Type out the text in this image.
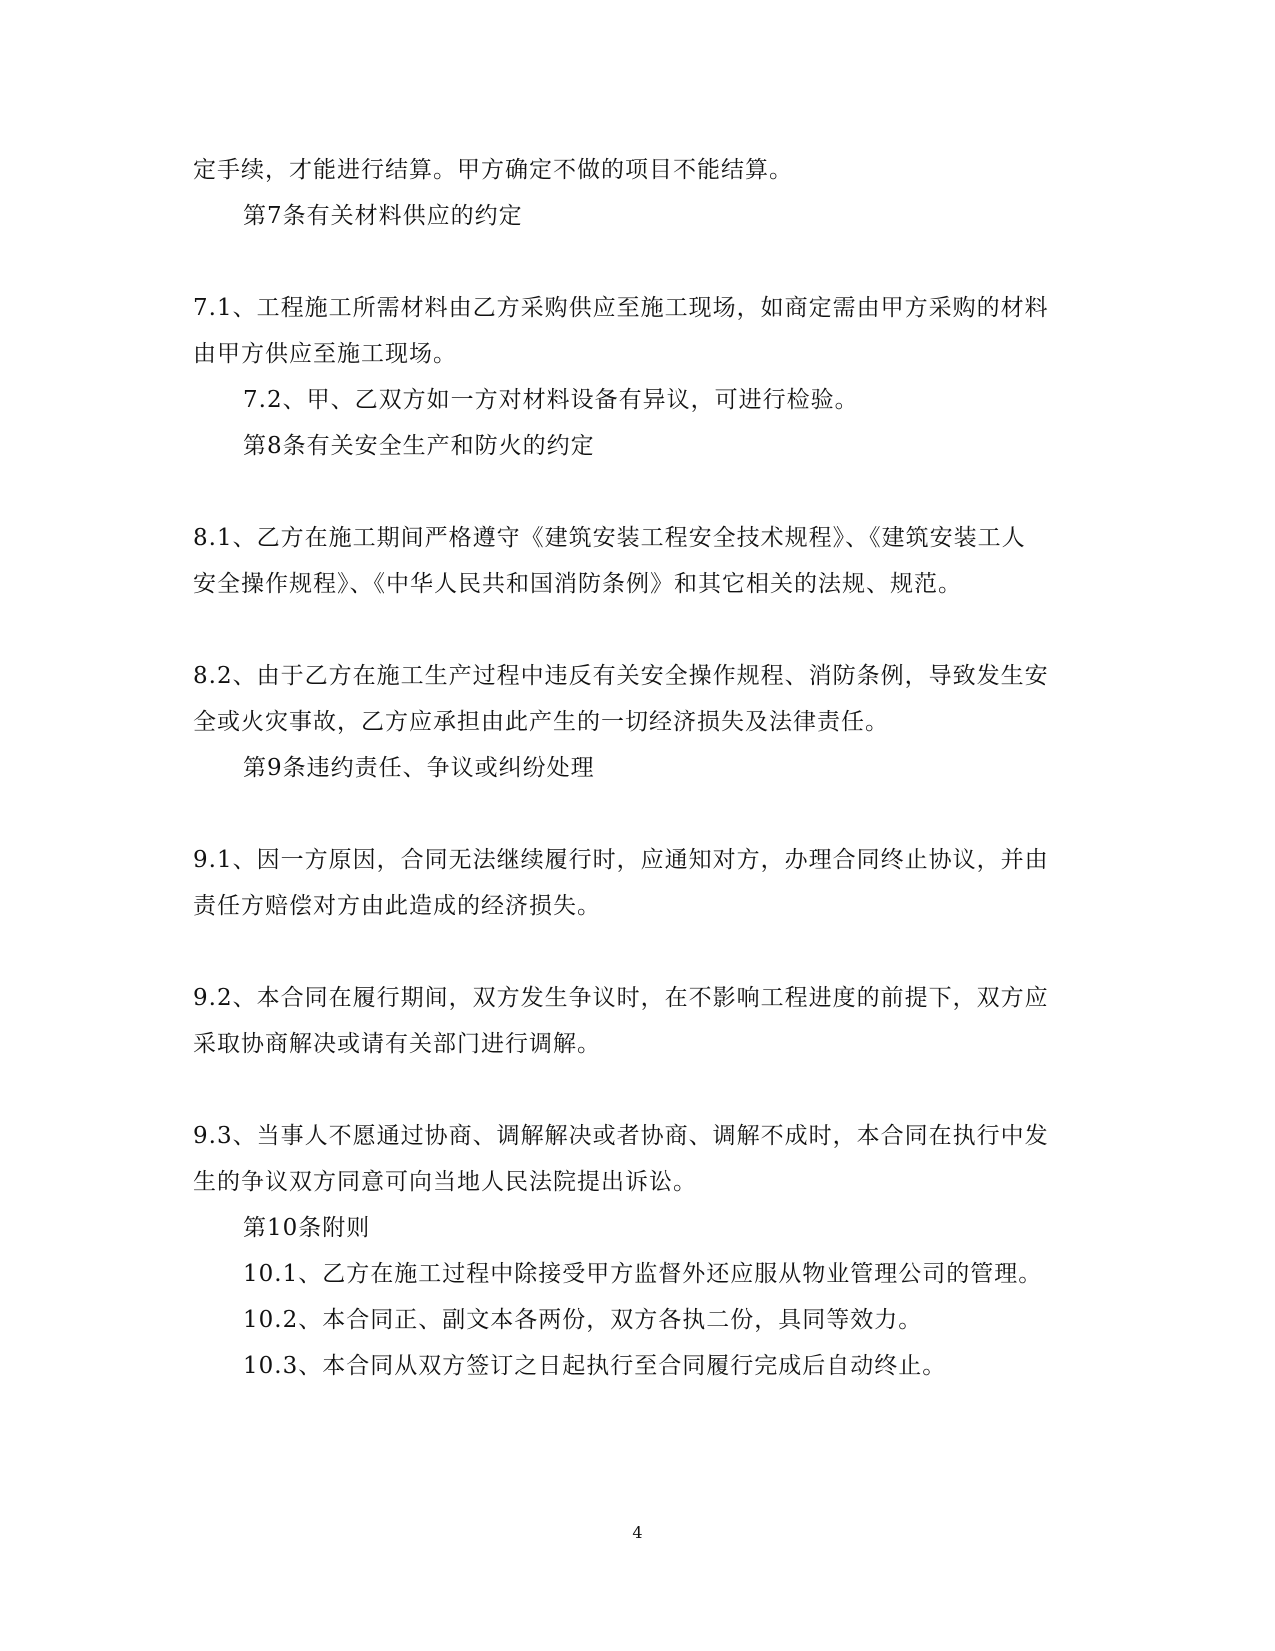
定手续，才能进行结算。甲方确定不做的项目不能结算。
第7条有关材料供应的约定
7.1、工程施工所需材料由乙方采购供应至施工现场，如商定需由甲方采购的材料
由甲方供应至施工现场。
7.2、甲、乙双方如一方对材料设备有异议，可进行检验。
第8条有关安全生产和防火的约定
8.1、乙方在施工期间严格遵守《建筑安装工程安全技术规程》、《建筑安装工人
安全操作规程》、《中华人民共和国消防条例》和其它相关的法规、规范。
8.2、由于乙方在施工生产过程中违反有关安全操作规程、消防条例，导致发生安
全或火灾事故，乙方应承担由此产生的一切经济损失及法律责任。
第9条违约责任、争议或纠纷处理
9.1、因一方原因，合同无法继续履行时，应通知对方，办理合同终止协议，并由
责任方赔偿对方由此造成的经济损失。
9.2、本合同在履行期间，双方发生争议时，在不影响工程进度的前提下，双方应
采取协商解决或请有关部门进行调解。
9.3、当事人不愿通过协商、调解解决或者协商、调解不成时，本合同在执行中发
生的争议双方同意可向当地人民法院提出诉讼。
第10条附则
10.1、乙方在施工过程中除接受甲方监督外还应服从物业管理公司的管理。
10.2、本合同正、副文本各两份，双方各执二份，具同等效力。
10.3、本合同从双方签订之日起执行至合同履行完成后自动终止。
4
